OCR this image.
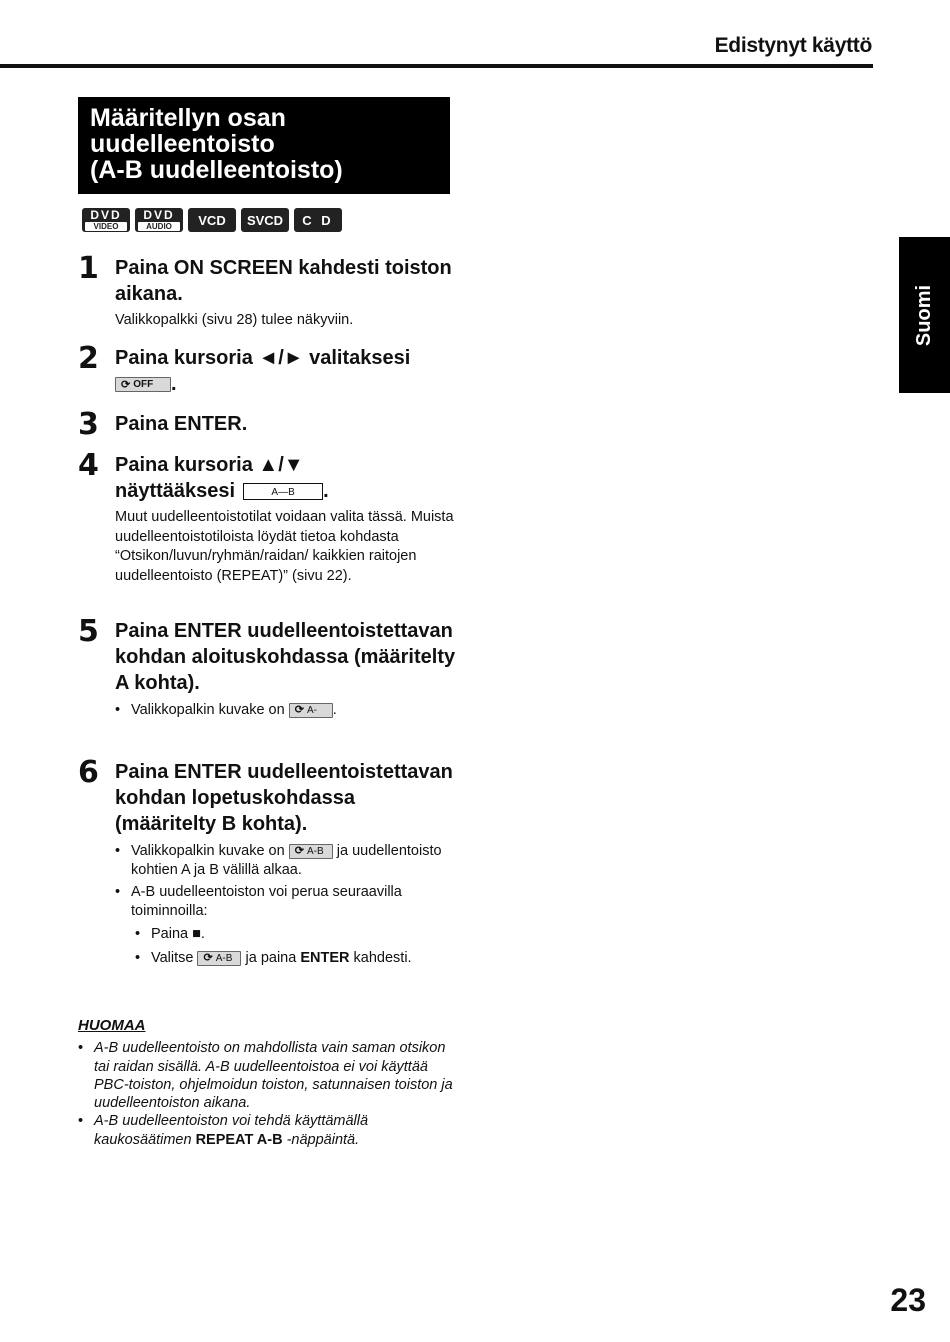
Edistynyt käyttö
Määritellyn osan
uudelleentoisto
(A-B uudelleentoisto)
DVD
VIDEO
DVD
AUDIO	VCD	SVCD	C D
1 Paina ON SCREEN kahdesti toiston aikana.
Valikkopalkki (sivu 28) tulee näkyviin.
2 Paina kursoria ◄/► valitaksesi

⟳ OFF .
3 Paina ENTER.
4 Paina kursoria ▲/▼
näyttääksesi	A—B .
Muut uudelleentoistotilat voidaan valita tässä. Muista uudelleentoistotiloista löydät tietoa kohdasta “Otsikon/luvun/ryhmän/raidan/ kaikkien raitojen uudelleentoisto (REPEAT)” (sivu 22).
5 Paina ENTER uudelleentoistettavan kohdan aloituskohdassa (määritelty A kohta).
• Valikkopalkin kuvake on ⟳ A- .
6 Paina ENTER uudelleentoistettavan kohdan lopetuskohdassa (määritelty B kohta).
• Valikkopalkin kuvake on ⟳ A-B ja uudellentoisto kohtien A ja B välillä alkaa.
• A-B uudelleentoiston voi perua seuraavilla toiminnoilla:
• Paina ■.
• Valitse ⟳ A-B ja paina ENTER kahdesti.
HUOMAA
• A-B uudelleentoisto on mahdollista vain saman otsikon tai raidan sisällä. A-B uudelleentoistoa ei voi käyttää PBC-toiston, ohjelmoidun toiston, satunnaisen toiston ja uudelleentoiston aikana.
• A-B uudelleentoiston voi tehdä käyttämällä kaukosäätimen REPEAT A-B -näppäintä.
Suomi
23
